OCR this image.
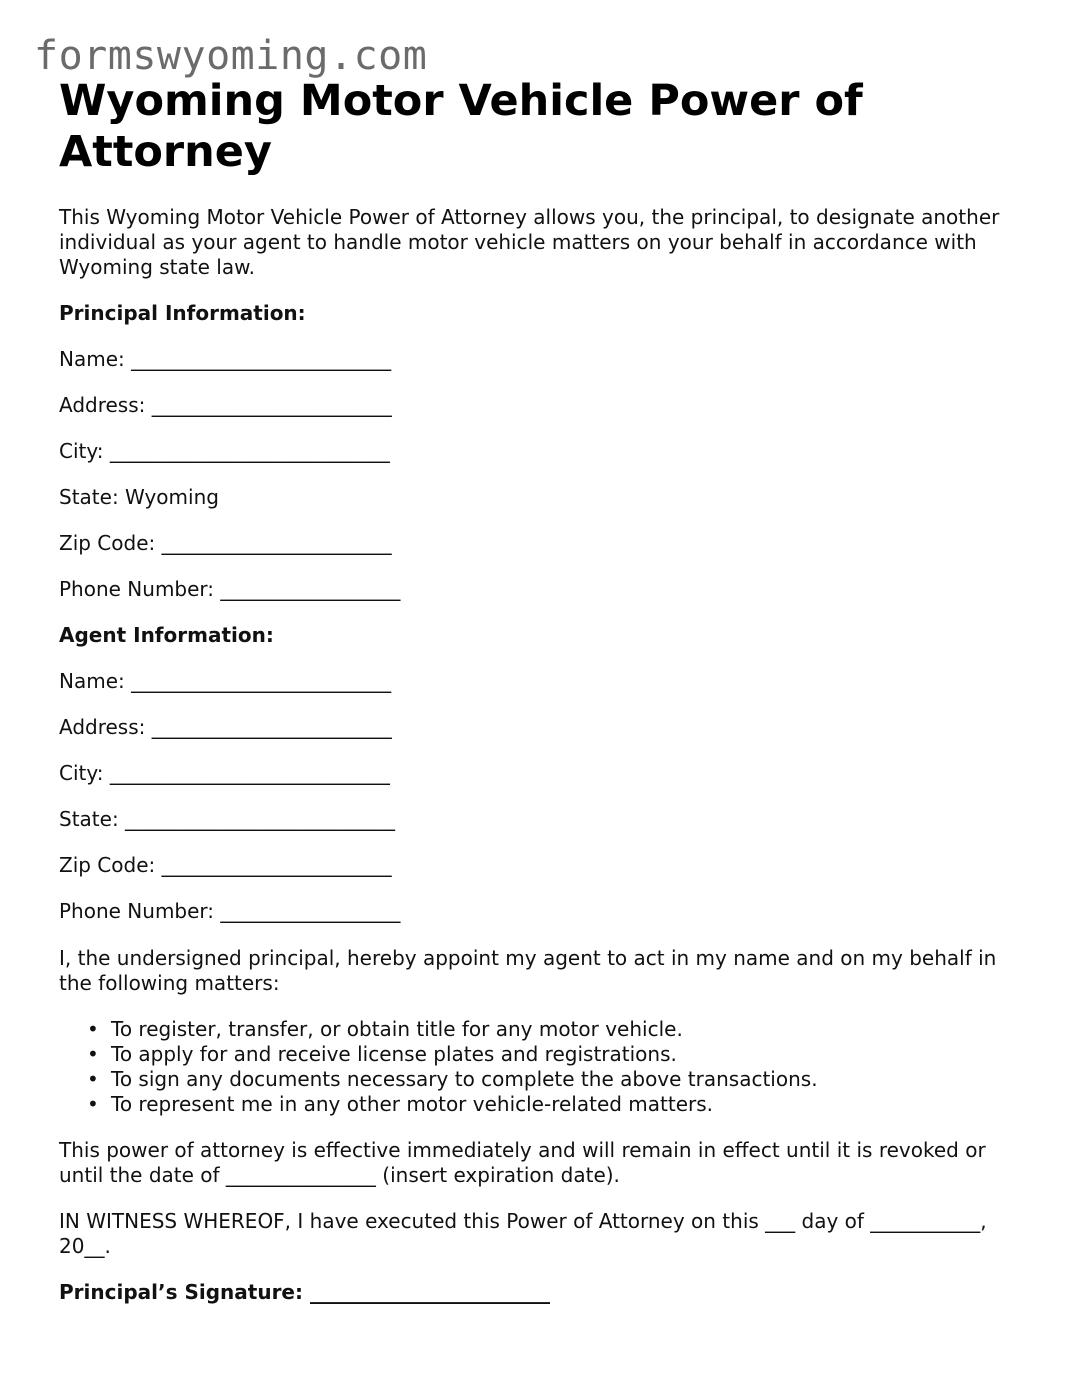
formswyoming.com
Wyoming Motor Vehicle Power of Attorney

This Wyoming Motor Vehicle Power of Attorney allows you, the principal, to designate another individual as your agent to handle motor vehicle matters on your behalf in accordance with Wyoming state law.

Principal Information:
Name: __________________________
Address: ________________________
City: ____________________________
State: Wyoming
Zip Code: _______________________
Phone Number: __________________
Agent Information:
Name: __________________________
Address: ________________________
City: ____________________________
State: ___________________________
Zip Code: _______________________
Phone Number: __________________

I, the undersigned principal, hereby appoint my agent to act in my name and on my behalf in the following matters:

• To register, transfer, or obtain title for any motor vehicle.
• To apply for and receive license plates and registrations.
• To sign any documents necessary to complete the above transactions.
• To represent me in any other motor vehicle-related matters.

This power of attorney is effective immediately and will remain in effect until it is revoked or until the date of _______________ (insert expiration date).

IN WITNESS WHEREOF, I have executed this Power of Attorney on this ___ day of ___________, 20__.

Principal’s Signature: ________________________
